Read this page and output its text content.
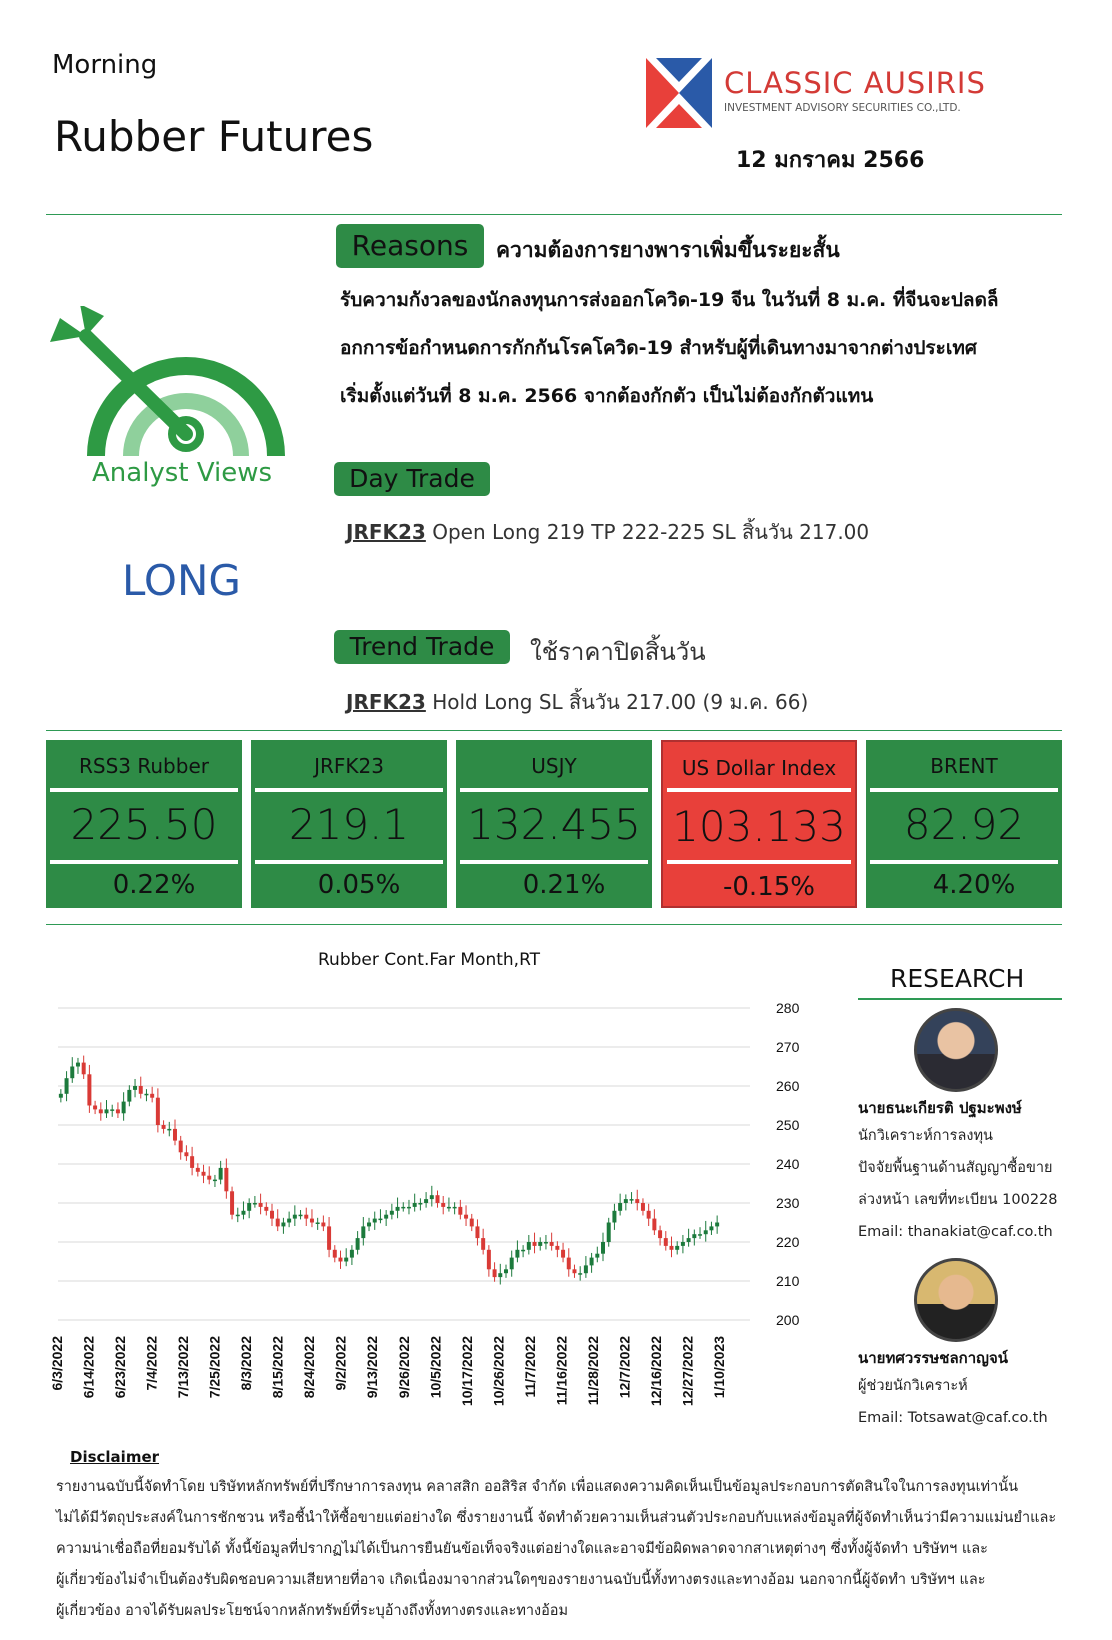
Morning
Rubber Futures
CLASSIC AUSIRIS
INVESTMENT ADVISORY SECURITIES CO.,LTD.
12 มกราคม 2566
Analyst Views
LONG
Reasons	ความต้องการยางพาราเพิ่มขึ้นระยะสั้น
รับความกังวลของนักลงทุนการส่งออกโควิด-19 จีน ในวันที่ 8 ม.ค. ที่จีนจะปลดล็
อกการข้อกำหนดการกักกันโรคโควิด-19 สำหรับผู้ที่เดินทางมาจากต่างประเทศ
เริ่มตั้งแต่วันที่ 8 ม.ค. 2566 จากต้องกักตัว เป็นไม่ต้องกักตัวแทน
Day Trade
JRFK23 Open Long 219 TP 222-225 SL สิ้นวัน 217.00
Trend Trade	ใช้ราคาปิดสิ้นวัน
JRFK23 Hold Long SL สิ้นวัน 217.00 (9 ม.ค. 66)
RSS3 Rubber
225.50
0.22%
JRFK23
219.1
0.05%
USJY
132.455
0.21%
US Dollar Index
103.133
-0.15%
BRENT
82.92
4.20%
Rubber Cont.Far Month,RT
280
270
260
250
240
230
220
210
200
6/3/2022 6/14/2022 6/23/2022 7/4/2022 7/13/2022 7/25/2022 8/3/2022 8/15/2022 8/24/2022 9/2/2022 9/13/2022 9/26/2022 10/5/2022 10/17/2022 10/26/2022 11/7/2022 11/16/2022 11/28/2022 12/7/2022 12/16/2022 12/27/2022 1/10/2023
RESEARCH
นายธนะเกียรติ ปฐมะพงษ์
นักวิเคราะห์การลงทุน
ปัจจัยพื้นฐานด้านสัญญาซื้อขาย
ล่วงหน้า เลขที่ทะเบียน 100228
Email: thanakiat@caf.co.th
นายทศวรรษชลกาญจน์
ผู้ช่วยนักวิเคราะห์
Email: Totsawat@caf.co.th
Disclaimer
รายงานฉบับนี้จัดทำโดย บริษัทหลักทรัพย์ที่ปรึกษาการลงทุน คลาสสิก ออสิริส จำกัด เพื่อแสดงความคิดเห็นเป็นข้อมูลประกอบการตัดสินใจในการลงทุนเท่านั้น
ไม่ได้มีวัตถุประสงค์ในการชักชวน หรือชี้นำให้ซื้อขายแต่อย่างใด ซึ่งรายงานนี้ จัดทำด้วยความเห็นส่วนตัวประกอบกับแหล่งข้อมูลที่ผู้จัดทำเห็นว่ามีความแม่นยำและ
ความน่าเชื่อถือที่ยอมรับได้ ทั้งนี้ข้อมูลที่ปรากฏไม่ได้เป็นการยืนยันข้อเท็จจริงแต่อย่างใดและอาจมีข้อผิดพลาดจากสาเหตุต่างๆ ซึ่งทั้งผู้จัดทำ บริษัทฯ และ
ผู้เกี่ยวข้องไม่จำเป็นต้องรับผิดชอบความเสียหายที่อาจ เกิดเนื่องมาจากส่วนใดๆของรายงานฉบับนี้ทั้งทางตรงและทางอ้อม นอกจากนี้ผู้จัดทำ บริษัทฯ และ
ผู้เกี่ยวข้อง อาจได้รับผลประโยชน์จากหลักทรัพย์ที่ระบุอ้างถึงทั้งทางตรงและทางอ้อม
